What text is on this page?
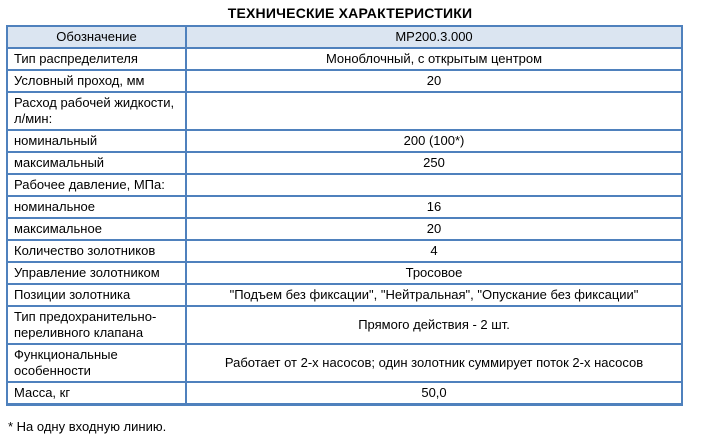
ТЕХНИЧЕСКИЕ ХАРАКТЕРИСТИКИ
Обозначение	МР200.3.000
Тип распределителя	Моноблочный, с открытым центром
Условный проход, мм	20
Расход рабочей жидкости, л/мин:	
номинальный	200 (100*)
максимальный	250
Рабочее давление, МПа:	
номинальное	16
максимальное	20
Количество золотников	4
Управление золотником	Тросовое
Позиции золотника	"Подъем без фиксации", "Нейтральная", "Опускание без фиксации"
Тип предохранительно-переливного клапана	Прямого действия - 2 шт.
Функциональные особенности	Работает от 2-х насосов; один золотник суммирует поток 2-х насосов
Масса, кг	50,0
* На одну входную линию.
